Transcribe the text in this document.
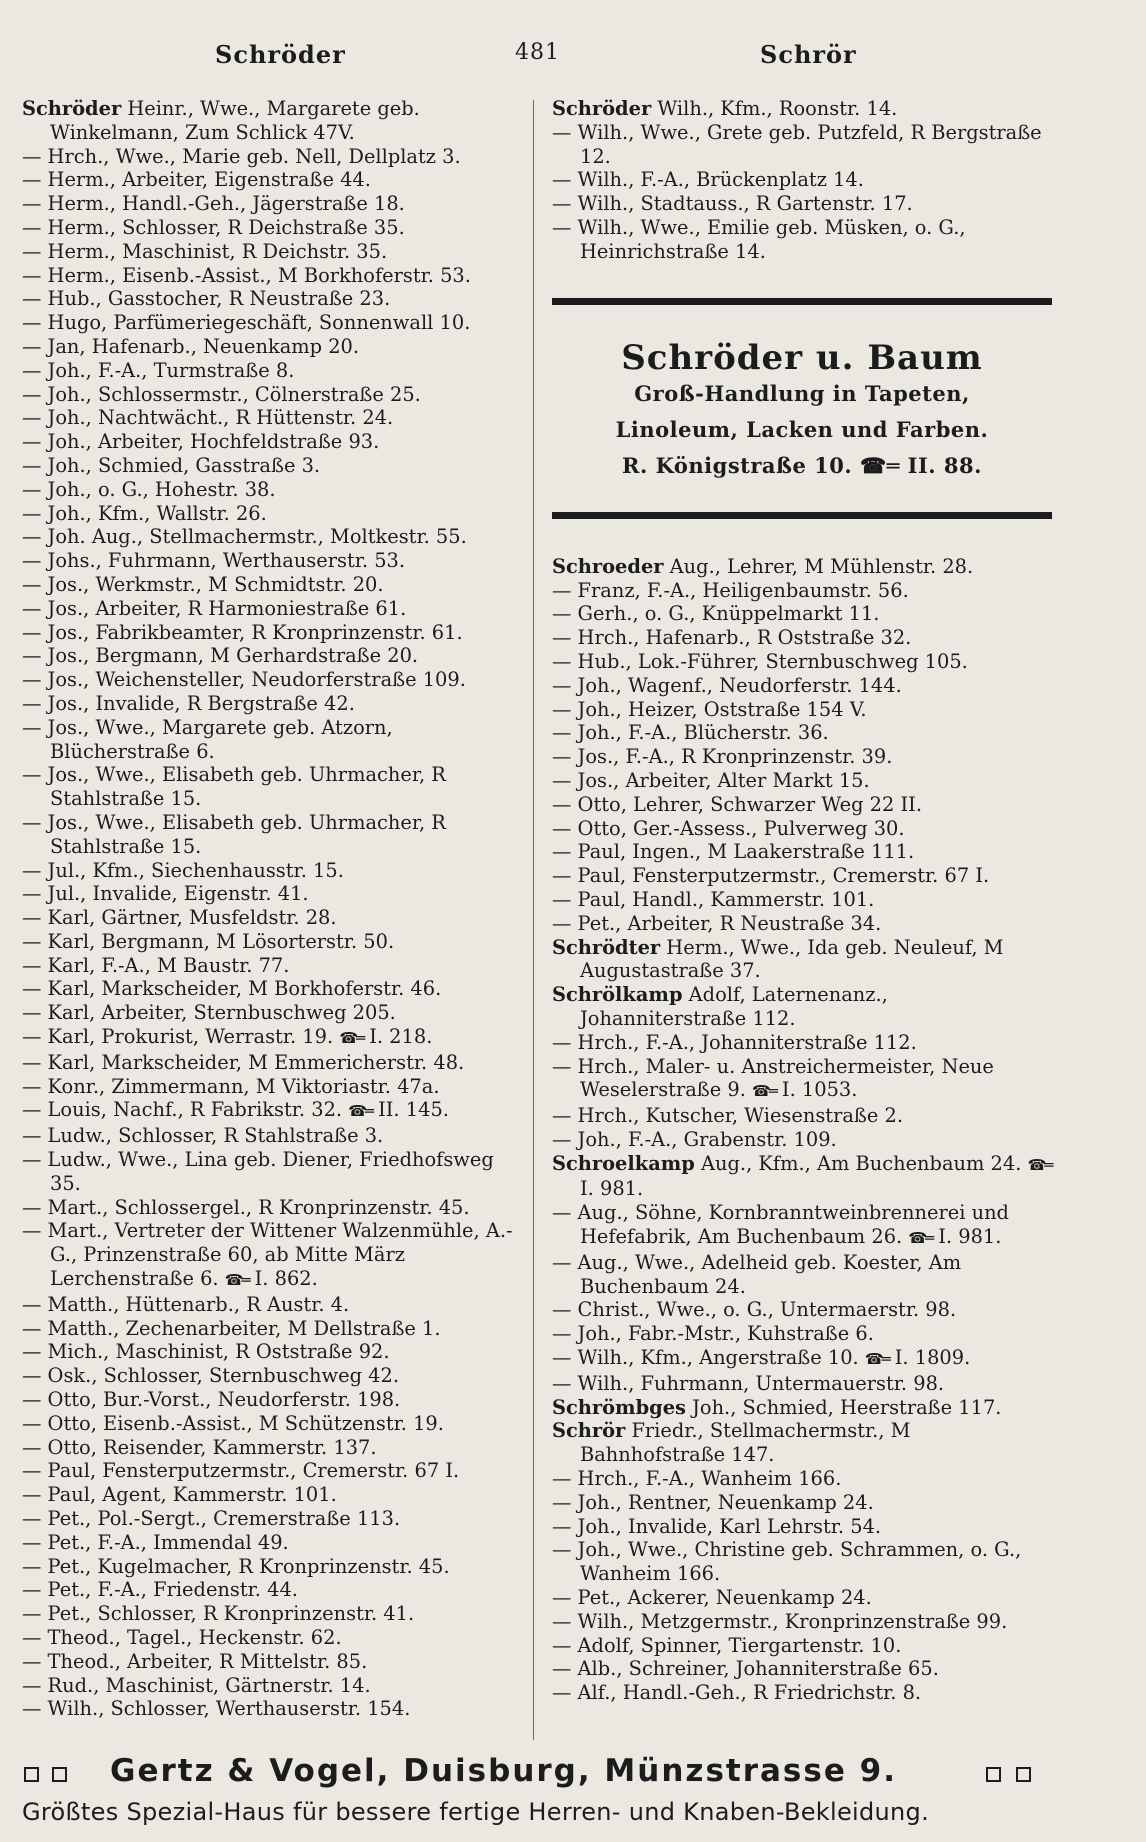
Schröder	481	Schrör

Schröder Heinr., Wwe., Margarete geb. Winkelmann, Zum Schlick 47V.

— Hrch., Wwe., Marie geb. Nell, Dellplatz 3.

— Herm., Arbeiter, Eigenstraße 44.

— Herm., Handl.-Geh., Jägerstraße 18.

— Herm., Schlosser, R Deichstraße 35.

— Herm., Maschinist, R Deichstr. 35.

— Herm., Eisenb.-Assist., M Borkhoferstr. 53.

— Hub., Gasstocher, R Neustraße 23.

— Hugo, Parfümeriegeschäft, Sonnenwall 10.

— Jan, Hafenarb., Neuenkamp 20.

— Joh., F.-A., Turmstraße 8.

— Joh., Schlossermstr., Cölnerstraße 25.

— Joh., Nachtwächt., R Hüttenstr. 24.

— Joh., Arbeiter, Hochfeldstraße 93.

— Joh., Schmied, Gasstraße 3.

— Joh., o. G., Hohestr. 38.

— Joh., Kfm., Wallstr. 26.

— Joh. Aug., Stellmachermstr., Moltkestr. 55.

— Johs., Fuhrmann, Werthauserstr. 53.

— Jos., Werkmstr., M Schmidtstr. 20.

— Jos., Arbeiter, R Harmoniestraße 61.

— Jos., Fabrikbeamter, R Kronprinzenstr. 61.

— Jos., Bergmann, M Gerhardstraße 20.

— Jos., Weichensteller, Neudorferstraße 109.

— Jos., Invalide, R Bergstraße 42.

— Jos., Wwe., Margarete geb. Atzorn, Blücherstraße 6.

— Jos., Wwe., Elisabeth geb. Uhrmacher, R Stahlstraße 15.

— Jos., Wwe., Elisabeth geb. Uhrmacher, R Stahlstraße 15.

— Jul., Kfm., Siechenhausstr. 15.

— Jul., Invalide, Eigenstr. 41.

— Karl, Gärtner, Musfeldstr. 28.

— Karl, Bergmann, M Lösorterstr. 50.

— Karl, F.-A., M Baustr. 77.

— Karl, Markscheider, M Borkhoferstr. 46.

— Karl, Arbeiter, Sternbuschweg 205.

— Karl, Prokurist, Werrastr. 19. ☎═ I. 218.

— Karl, Markscheider, M Emmericherstr. 48.

— Konr., Zimmermann, M Viktoriastr. 47a.

— Louis, Nachf., R Fabrikstr. 32. ☎═ II. 145.

— Ludw., Schlosser, R Stahlstraße 3.

— Ludw., Wwe., Lina geb. Diener, Friedhofsweg 35.

— Mart., Schlossergel., R Kronprinzenstr. 45.

— Mart., Vertreter der Wittener Walzenmühle, A.-G., Prinzenstraße 60, ab Mitte März Lerchenstraße 6. ☎═ I. 862.

— Matth., Hüttenarb., R Austr. 4.

— Matth., Zechenarbeiter, M Dellstraße 1.

— Mich., Maschinist, R Oststraße 92.

— Osk., Schlosser, Sternbuschweg 42.

— Otto, Bur.-Vorst., Neudorferstr. 198.

— Otto, Eisenb.-Assist., M Schützenstr. 19.

— Otto, Reisender, Kammerstr. 137.

— Paul, Fensterputzermstr., Cremerstr. 67 I.

— Paul, Agent, Kammerstr. 101.

— Pet., Pol.-Sergt., Cremerstraße 113.

— Pet., F.-A., Immendal 49.

— Pet., Kugelmacher, R Kronprinzenstr. 45.

— Pet., F.-A., Friedenstr. 44.

— Pet., Schlosser, R Kronprinzenstr. 41.

— Theod., Tagel., Heckenstr. 62.

— Theod., Arbeiter, R Mittelstr. 85.

— Rud., Maschinist, Gärtnerstr. 14.

— Wilh., Schlosser, Werthauserstr. 154.

Schröder Wilh., Kfm., Roonstr. 14.

— Wilh., Wwe., Grete geb. Putzfeld, R Bergstraße 12.

— Wilh., F.-A., Brückenplatz 14.

— Wilh., Stadtauss., R Gartenstr. 17.

— Wilh., Wwe., Emilie geb. Müsken, o. G., Heinrichstraße 14.

Schröder u. Baum
Groß-Handlung in Tapeten,
Linoleum, Lacken und Farben.
R. Königstraße 10. ☎═ II. 88.

Schroeder Aug., Lehrer, M Mühlenstr. 28.

— Franz, F.-A., Heiligenbaumstr. 56.

— Gerh., o. G., Knüppelmarkt 11.

— Hrch., Hafenarb., R Oststraße 32.

— Hub., Lok.-Führer, Sternbuschweg 105.

— Joh., Wagenf., Neudorferstr. 144.

— Joh., Heizer, Oststraße 154 V.

— Joh., F.-A., Blücherstr. 36.

— Jos., F.-A., R Kronprinzenstr. 39.

— Jos., Arbeiter, Alter Markt 15.

— Otto, Lehrer, Schwarzer Weg 22 II.

— Otto, Ger.-Assess., Pulverweg 30.

— Paul, Ingen., M Laakerstraße 111.

— Paul, Fensterputzermstr., Cremerstr. 67 I.

— Paul, Handl., Kammerstr. 101.

— Pet., Arbeiter, R Neustraße 34.

Schrödter Herm., Wwe., Ida geb. Neuleuf, M Augustastraße 37.

Schrölkamp Adolf, Laternenanz., Johanniterstraße 112.

— Hrch., F.-A., Johanniterstraße 112.

— Hrch., Maler- u. Anstreichermeister, Neue Weselerstraße 9. ☎═ I. 1053.

— Hrch., Kutscher, Wiesenstraße 2.

— Joh., F.-A., Grabenstr. 109.

Schroelkamp Aug., Kfm., Am Buchenbaum 24. ☎═ I. 981.

— Aug., Söhne, Kornbranntweinbrennerei und Hefefabrik, Am Buchenbaum 26. ☎═ I. 981.

— Aug., Wwe., Adelheid geb. Koester, Am Buchenbaum 24.

— Christ., Wwe., o. G., Untermaerstr. 98.

— Joh., Fabr.-Mstr., Kuhstraße 6.

— Wilh., Kfm., Angerstraße 10. ☎═ I. 1809.

— Wilh., Fuhrmann, Untermauerstr. 98.

Schrömbges Joh., Schmied, Heerstraße 117.

Schrör Friedr., Stellmachermstr., M Bahnhofstraße 147.

— Hrch., F.-A., Wanheim 166.

— Joh., Rentner, Neuenkamp 24.

— Joh., Invalide, Karl Lehrstr. 54.

— Joh., Wwe., Christine geb. Schrammen, o. G., Wanheim 166.

— Pet., Ackerer, Neuenkamp 24.

— Wilh., Metzgermstr., Kronprinzenstraße 99.

— Adolf, Spinner, Tiergartenstr. 10.

— Alb., Schreiner, Johanniterstraße 65.

— Alf., Handl.-Geh., R Friedrichstr. 8.

Gertz & Vogel, Duisburg, Münzstrasse 9.
Größtes Spezial-Haus für bessere fertige Herren- und Knaben-Bekleidung.
